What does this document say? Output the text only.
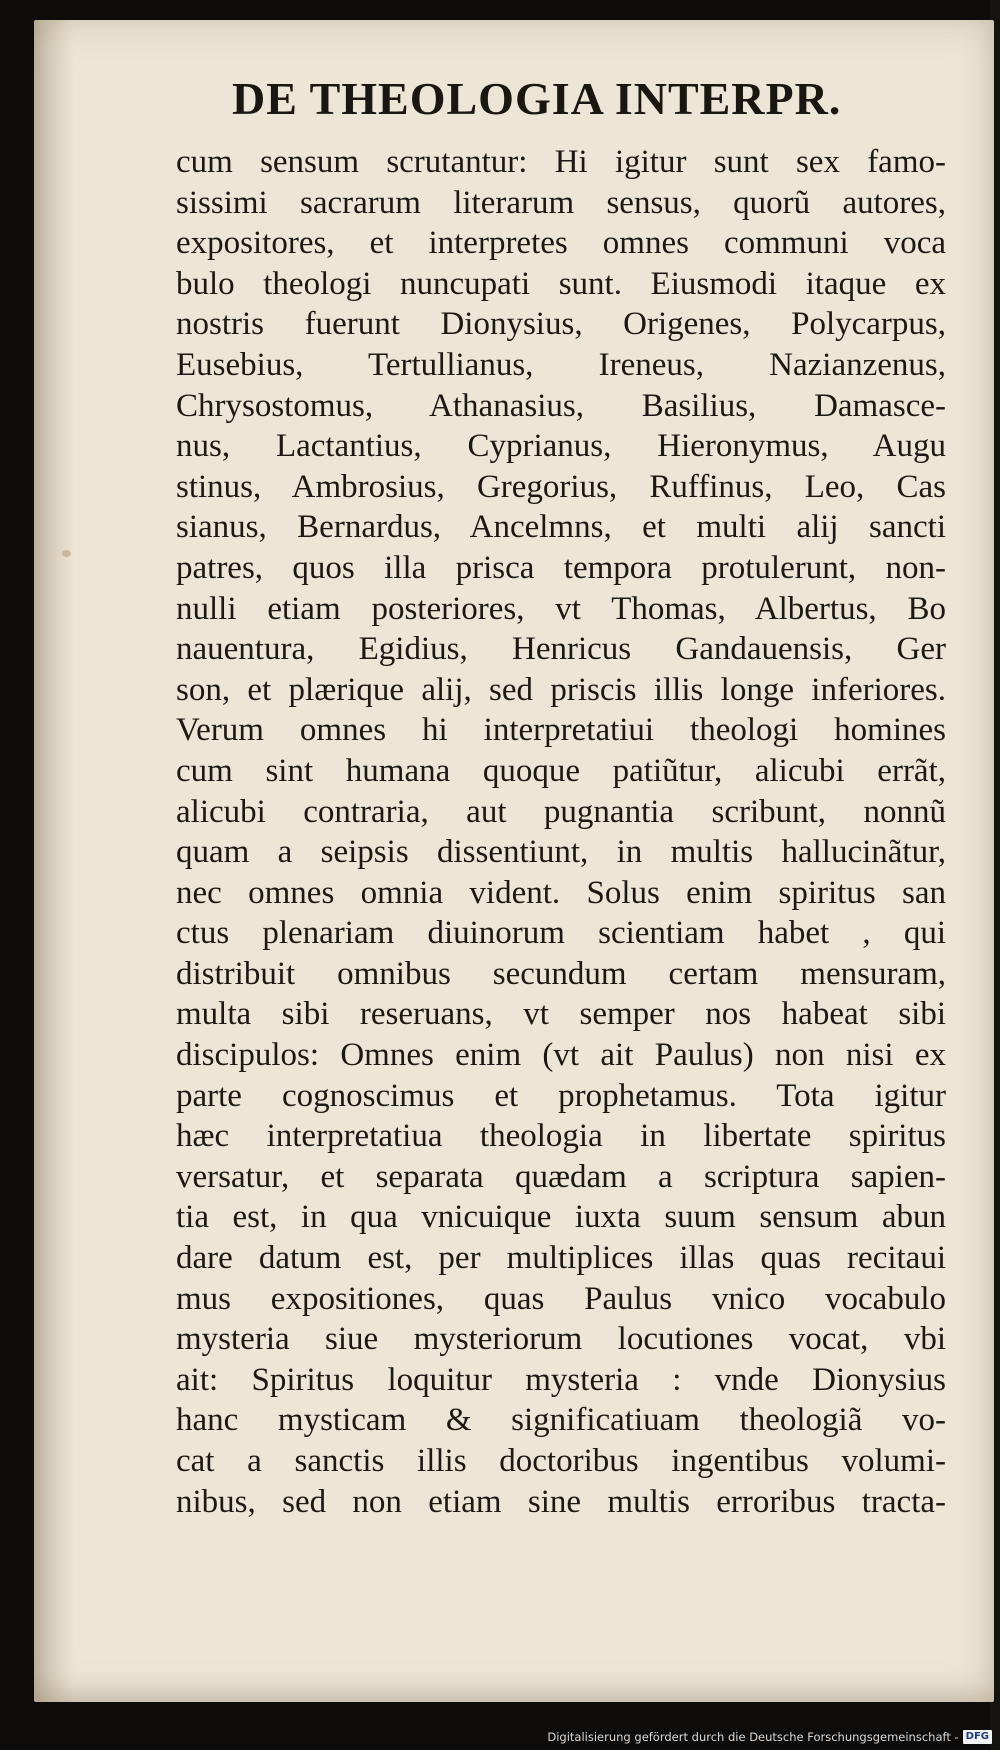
DE THEOLOGIA INTERPR.
cum sensum scrutantur: Hi igitur sunt sex famo-
sissimi sacrarum literarum sensus, quorũ autores,
expositores, et interpretes omnes communi voca
bulo theologi nuncupati sunt. Eiusmodi itaque ex
nostris fuerunt Dionysius, Origenes, Polycarpus,
Eusebius, Tertullianus, Ireneus, Nazianzenus,
Chrysostomus, Athanasius, Basilius, Damasce-
nus, Lactantius, Cyprianus, Hieronymus, Augu
stinus, Ambrosius, Gregorius, Ruffinus, Leo, Cas
sianus, Bernardus, Ancelmns, et multi alij sancti
patres, quos illa prisca tempora protulerunt, non-
nulli etiam posteriores, vt Thomas, Albertus, Bo
nauentura, Egidius, Henricus Gandauensis, Ger
son, et plærique alij, sed priscis illis longe inferiores.
Verum omnes hi interpretatiui theologi homines
cum sint humana quoque patiũtur, alicubi errãt,
alicubi contraria, aut pugnantia scribunt, nonnũ
quam a seipsis dissentiunt, in multis hallucinãtur,
nec omnes omnia vident. Solus enim spiritus san
ctus plenariam diuinorum scientiam habet , qui
distribuit omnibus secundum certam mensuram,
multa sibi reseruans, vt semper nos habeat sibi
discipulos: Omnes enim (vt ait Paulus) non nisi ex
parte cognoscimus et prophetamus. Tota igitur
hæc interpretatiua theologia in libertate spiritus
versatur, et separata quædam a scriptura sapien-
tia est, in qua vnicuique iuxta suum sensum abun
dare datum est, per multiplices illas quas recitaui
mus expositiones, quas Paulus vnico vocabulo
mysteria siue mysteriorum locutiones vocat, vbi
ait: Spiritus loquitur mysteria : vnde Dionysius
hanc mysticam & significatiuam theologiã vo-
cat a sanctis illis doctoribus ingentibus volumi-
nibus, sed non etiam sine multis erroribus tracta-
Digitalisierung gefördert durch die Deutsche Forschungsgemeinschaft - DFG
